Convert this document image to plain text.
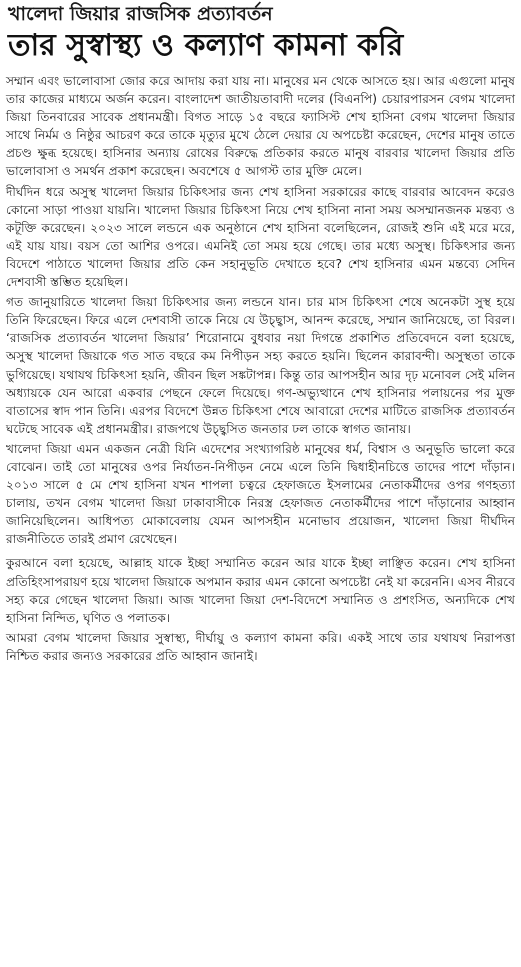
খালেদা জিয়ার রাজসিক প্রত্যাবর্তন
তার সুস্বাস্থ্য ও কল্যাণ কামনা করি

সম্মান এবং ভালোবাসা জোর করে আদায় করা যায় না। মানুষের মন থেকে আসতে হয়। আর এগুলো মানুষ তার কাজের মাধ্যমে অর্জন করেন। বাংলাদেশ জাতীয়তাবাদী দলের (বিএনপি) চেয়ারপারসন বেগম খালেদা জিয়া তিনবারের সাবেক প্রধানমন্ত্রী। বিগত সাড়ে ১৫ বছরে ফ্যাসিস্ট শেখ হাসিনা বেগম খালেদা জিয়ার সাথে নির্মম ও নিষ্ঠুর আচরণ করে তাকে মৃত্যুর মুখে ঠেলে দেয়ার যে অপচেষ্টা করেছেন, দেশের মানুষ তাতে প্রচণ্ড ক্ষুব্ধ হয়েছে। হাসিনার অন্যায় রোষের বিরুদ্ধে প্রতিকার করতে মানুষ বারবার খালেদা জিয়ার প্রতি ভালোবাসা ও সমর্থন প্রকাশ করেছেন। অবশেষে ৫ আগস্ট তার মুক্তি মেলে।

দীর্ঘদিন ধরে অসুস্থ খালেদা জিয়ার চিকিৎসার জন্য শেখ হাসিনা সরকারের কাছে বারবার আবেদন করেও কোনো সাড়া পাওয়া যায়নি। খালেদা জিয়ার চিকিৎসা নিয়ে শেখ হাসিনা নানা সময় অসম্মানজনক মন্তব্য ও কটূক্তি করেছেন। ২০২৩ সালে লন্ডনে এক অনুষ্ঠানে শেখ হাসিনা বলেছিলেন, রোজই শুনি এই মরে মরে, এই যায় যায়। বয়স তো আশির ওপরে। এমনিই তো সময় হয়ে গেছে। তার মধ্যে অসুস্থ। চিকিৎসার জন্য বিদেশে পাঠাতে খালেদা জিয়ার প্রতি কেন সহানুভূতি দেখাতে হবে? শেখ হাসিনার এমন মন্তব্যে সেদিন দেশবাসী স্তম্ভিত হয়েছিল।

গত জানুয়ারিতে খালেদা জিয়া চিকিৎসার জন্য লন্ডনে যান। চার মাস চিকিৎসা শেষে অনেকটা সুস্থ হয়ে তিনি ফিরেছেন। ফিরে এলে দেশবাসী তাকে নিয়ে যে উচ্ছ্বাস, আনন্দ করেছে, সম্মান জানিয়েছে, তা বিরল। ‘রাজসিক প্রত্যাবর্তন খালেদা জিয়ার’ শিরোনামে বুধবার নয়া দিগন্তে প্রকাশিত প্রতিবেদনে বলা হয়েছে, অসুস্থ খালেদা জিয়াকে গত সাত বছরে কম নিপীড়ন সহ্য করতে হয়নি। ছিলেন কারাবন্দী। অসুস্থতা তাকে ভুগিয়েছে। যথাযথ চিকিৎসা হয়নি, জীবন ছিল সঙ্কটাপন্ন। কিন্তু তার আপসহীন আর দৃঢ় মনোবল সেই মলিন অধ্যায়কে যেন আরো একবার পেছনে ফেলে দিয়েছে। গণ-অভ্যুত্থানে শেখ হাসিনার পলায়নের পর মুক্ত বাতাসের স্বাদ পান তিনি। এরপর বিদেশে উন্নত চিকিৎসা শেষে আবারো দেশের মাটিতে রাজসিক প্রত্যাবর্তন ঘটেছে সাবেক এই প্রধানমন্ত্রীর। রাজপথে উচ্ছ্বসিত জনতার ঢল তাকে স্বাগত জানায়।

খালেদা জিয়া এমন একজন নেত্রী যিনি এদেশের সংখ্যাগরিষ্ঠ মানুষের ধর্ম, বিশ্বাস ও অনুভূতি ভালো করে বোঝেন। তাই তো মানুষের ওপর নির্যাতন-নিপীড়ন নেমে এলে তিনি দ্বিধাহীনচিত্তে তাদের পাশে দাঁড়ান। ২০১৩ সালে ৫ মে শেখ হাসিনা যখন শাপলা চত্বরে হেফাজতে ইসলামের নেতাকর্মীদের ওপর গণহত্যা চালায়, তখন বেগম খালেদা জিয়া ঢাকাবাসীকে নিরস্ত্র হেফাজত নেতাকর্মীদের পাশে দাঁড়ানোর আহ্বান জানিয়েছিলেন। আধিপত্য মোকাবেলায় যেমন আপসহীন মনোভাব প্রয়োজন, খালেদা জিয়া দীর্ঘদিন রাজনীতিতে তারই প্রমাণ রেখেছেন।

কুরআনে বলা হয়েছে, আল্লাহ যাকে ইচ্ছা সম্মানিত করেন আর যাকে ইচ্ছা লাঞ্ছিত করেন। শেখ হাসিনা প্রতিহিংসাপরায়ণ হয়ে খালেদা জিয়াকে অপমান করার এমন কোনো অপচেষ্টা নেই যা করেননি। এসব নীরবে সহ্য করে গেছেন খালেদা জিয়া। আজ খালেদা জিয়া দেশ-বিদেশে সম্মানিত ও প্রশংসিত, অন্যদিকে শেখ হাসিনা নিন্দিত, ঘৃণিত ও পলাতক।

আমরা বেগম খালেদা জিয়ার সুস্বাস্থ্য, দীর্ঘায়ু ও কল্যাণ কামনা করি। একই সাথে তার যথাযথ নিরাপত্তা নিশ্চিত করার জন্যও সরকারের প্রতি আহ্বান জানাই।
